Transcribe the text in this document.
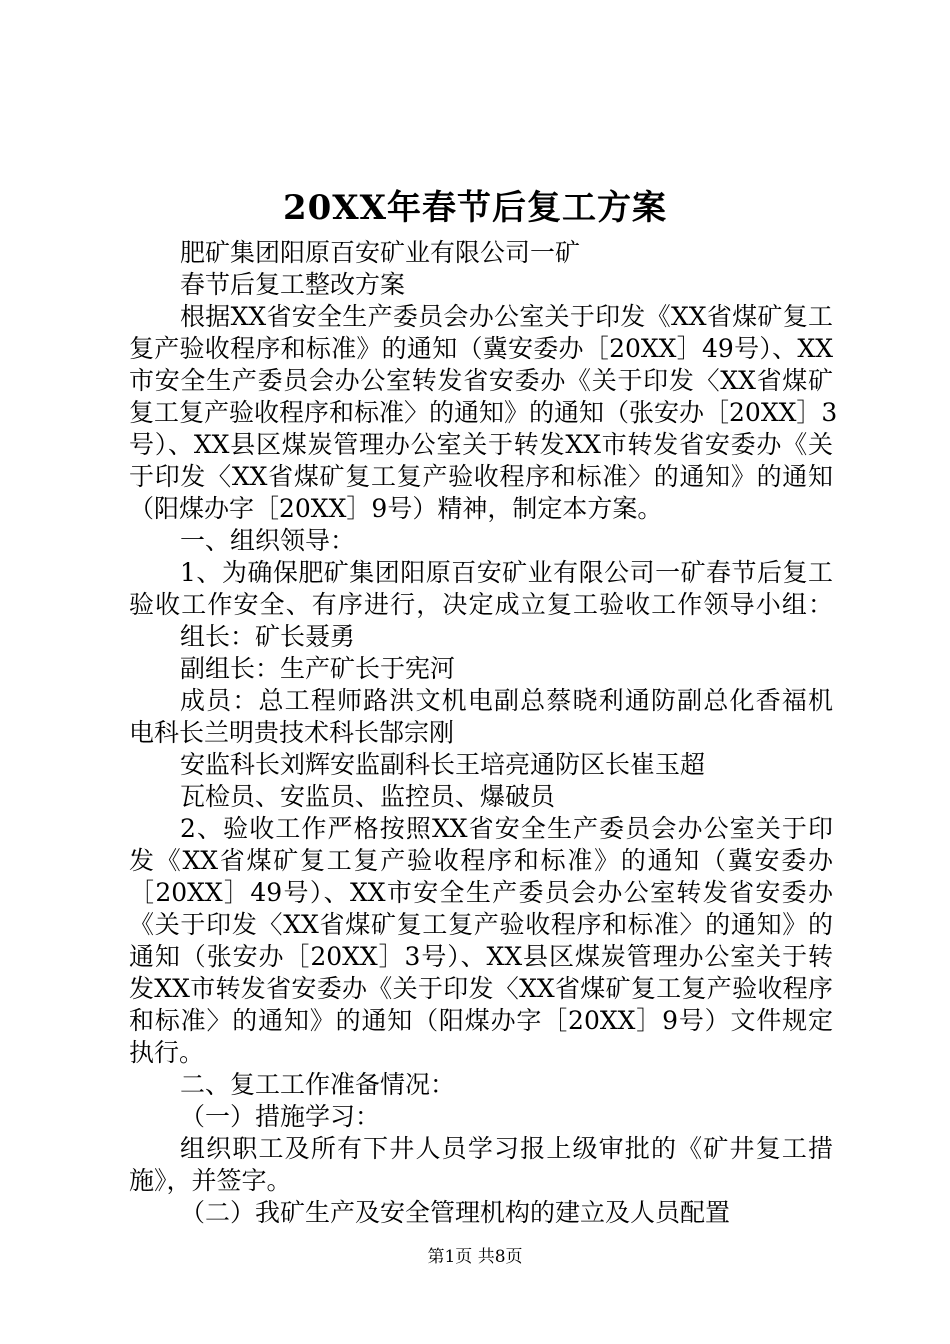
20XX年春节后复工方案
肥矿集团阳原百安矿业有限公司一矿
春节后复工整改方案
根据XX省安全生产委员会办公室关于印发《XX省煤矿复工
复产验收程序和标准》的通知（冀安委办［20XX］49号）、XX
市安全生产委员会办公室转发省安委办《关于印发〈XX省煤矿
复工复产验收程序和标准〉的通知》的通知（张安办［20XX］3
号）、XX县区煤炭管理办公室关于转发XX市转发省安委办《关
于印发〈XX省煤矿复工复产验收程序和标准〉的通知》的通知
（阳煤办字［20XX］9号）精神，制定本方案。
一、组织领导：
1、为确保肥矿集团阳原百安矿业有限公司一矿春节后复工
验收工作安全、有序进行，决定成立复工验收工作领导小组：
组长：矿长聂勇
副组长：生产矿长于宪河
成员：总工程师路洪文机电副总蔡晓利通防副总化香福机
电科长兰明贵技术科长郜宗刚
安监科长刘辉安监副科长王培亮通防区长崔玉超
瓦检员、安监员、监控员、爆破员
2、验收工作严格按照XX省安全生产委员会办公室关于印
发《XX省煤矿复工复产验收程序和标准》的通知（冀安委办
［20XX］49号）、XX市安全生产委员会办公室转发省安委办
《关于印发〈XX省煤矿复工复产验收程序和标准〉的通知》的
通知（张安办［20XX］3号）、XX县区煤炭管理办公室关于转
发XX市转发省安委办《关于印发〈XX省煤矿复工复产验收程序
和标准〉的通知》的通知（阳煤办字［20XX］9号）文件规定
执行。
二、复工工作准备情况：
（一）措施学习：
组织职工及所有下井人员学习报上级审批的《矿井复工措
施》，并签字。
（二）我矿生产及安全管理机构的建立及人员配置
第1页 共8页
